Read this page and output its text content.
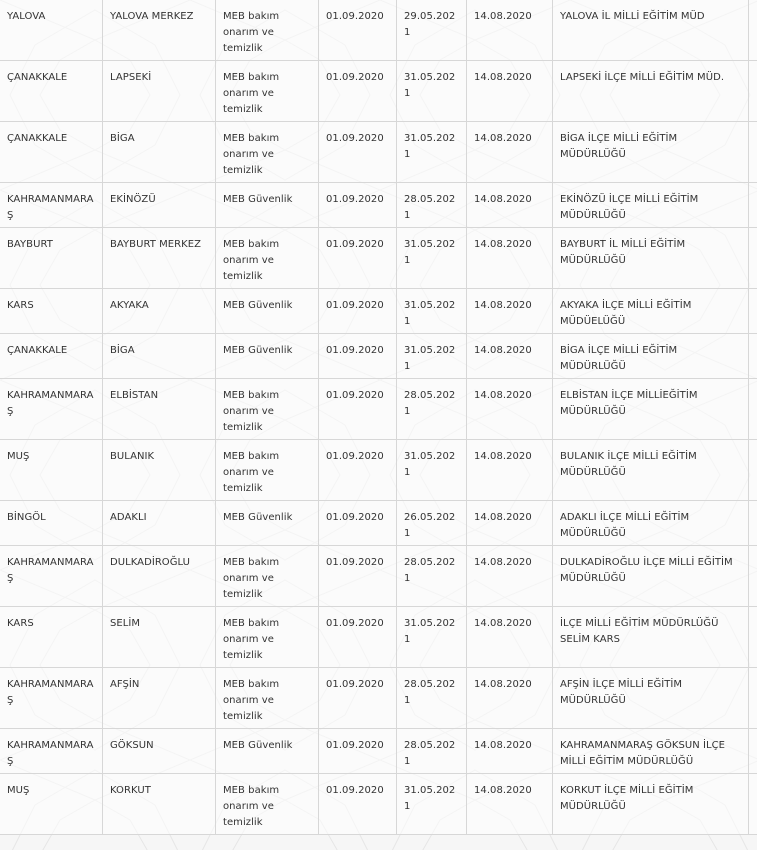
YALOVA	YALOVA MERKEZ	MEB bakım onarım ve temizlik	01.09.2020	29.05.2021	14.08.2020	YALOVA İL MİLLİ EĞİTİM MÜD	
ÇANAKKALE	LAPSEKİ	MEB bakım onarım ve temizlik	01.09.2020	31.05.2021	14.08.2020	LAPSEKİ İLÇE MİLLİ EĞİTİM MÜD.	
ÇANAKKALE	BİGA	MEB bakım onarım ve temizlik	01.09.2020	31.05.2021	14.08.2020	BİGA İLÇE MİLLİ EĞİTİM MÜDÜRLÜĞÜ	
KAHRAMANMARAŞ	EKİNÖZÜ	MEB Güvenlik	01.09.2020	28.05.2021	14.08.2020	EKİNÖZÜ İLÇE MİLLİ EĞİTİM MÜDÜRLÜĞÜ	
BAYBURT	BAYBURT MERKEZ	MEB bakım onarım ve temizlik	01.09.2020	31.05.2021	14.08.2020	BAYBURT İL MİLLİ EĞİTİM MÜDÜRLÜĞÜ	
KARS	AKYAKA	MEB Güvenlik	01.09.2020	31.05.2021	14.08.2020	AKYAKA İLÇE MİLLİ EĞİTİM MÜDÜELÜĞÜ	
ÇANAKKALE	BİGA	MEB Güvenlik	01.09.2020	31.05.2021	14.08.2020	BİGA İLÇE MİLLİ EĞİTİM MÜDÜRLÜĞÜ	
KAHRAMANMARAŞ	ELBİSTAN	MEB bakım onarım ve temizlik	01.09.2020	28.05.2021	14.08.2020	ELBİSTAN İLÇE MİLLİEĞİTİM MÜDÜRLÜĞÜ	
MUŞ	BULANIK	MEB bakım onarım ve temizlik	01.09.2020	31.05.2021	14.08.2020	BULANIK İLÇE MİLLİ EĞİTİM MÜDÜRLÜĞÜ	
BİNGÖL	ADAKLI	MEB Güvenlik	01.09.2020	26.05.2021	14.08.2020	ADAKLI İLÇE MİLLİ EĞİTİM MÜDÜRLÜĞÜ	
KAHRAMANMARAŞ	DULKADİROĞLU	MEB bakım onarım ve temizlik	01.09.2020	28.05.2021	14.08.2020	DULKADİROĞLU İLÇE MİLLİ EĞİTİM MÜDÜRLÜĞÜ	
KARS	SELİM	MEB bakım onarım ve temizlik	01.09.2020	31.05.2021	14.08.2020	İLÇE MİLLİ EĞİTİM MÜDÜRLÜĞÜ SELİM KARS	
KAHRAMANMARAŞ	AFŞİN	MEB bakım onarım ve temizlik	01.09.2020	28.05.2021	14.08.2020	AFŞİN İLÇE MİLLİ EĞİTİM MÜDÜRLÜĞÜ	
KAHRAMANMARAŞ	GÖKSUN	MEB Güvenlik	01.09.2020	28.05.2021	14.08.2020	KAHRAMANMARAŞ GÖKSUN İLÇE MİLLİ EĞİTİM MÜDÜRLÜĞÜ	
MUŞ	KORKUT	MEB bakım onarım ve temizlik	01.09.2020	31.05.2021	14.08.2020	KORKUT İLÇE MİLLİ EĞİTİM MÜDÜRLÜĞÜ	
